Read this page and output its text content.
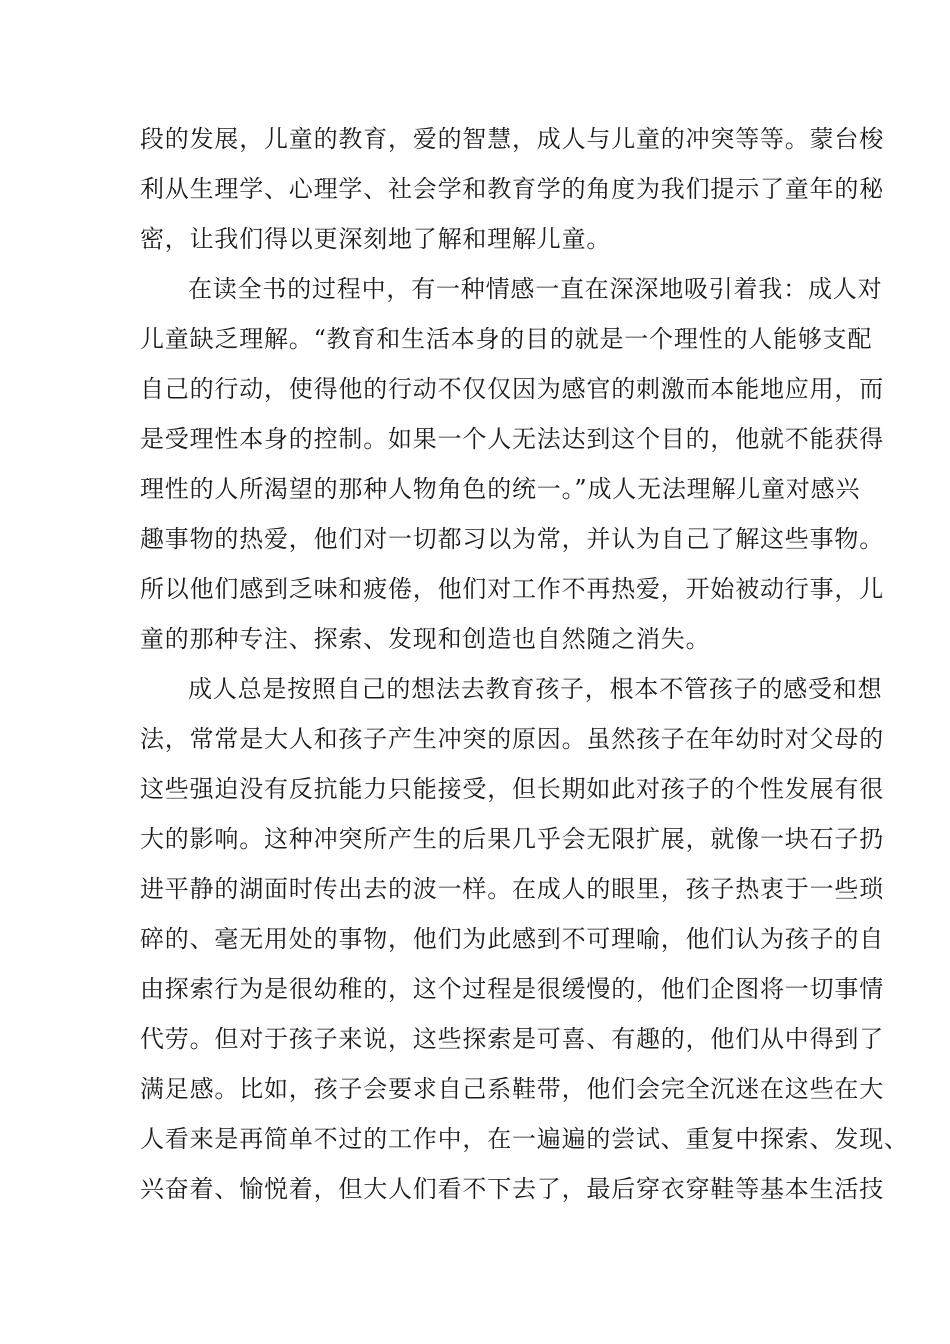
段的发展，儿童的教育，爱的智慧，成人与儿童的冲突等等。蒙台梭
利从生理学、心理学、社会学和教育学的角度为我们提示了童年的秘
密，让我们得以更深刻地了解和理解儿童。
在读全书的过程中，有一种情感一直在深深地吸引着我：成人对
儿童缺乏理解。“教育和生活本身的目的就是一个理性的人能够支配
自己的行动，使得他的行动不仅仅因为感官的刺激而本能地应用，而
是受理性本身的控制。如果一个人无法达到这个目的，他就不能获得
理性的人所渴望的那种人物角色的统一。”成人无法理解儿童对感兴
趣事物的热爱，他们对一切都习以为常，并认为自己了解这些事物。
所以他们感到乏味和疲倦，他们对工作不再热爱，开始被动行事，儿
童的那种专注、探索、发现和创造也自然随之消失。
成人总是按照自己的想法去教育孩子，根本不管孩子的感受和想
法，常常是大人和孩子产生冲突的原因。虽然孩子在年幼时对父母的
这些强迫没有反抗能力只能接受，但长期如此对孩子的个性发展有很
大的影响。这种冲突所产生的后果几乎会无限扩展，就像一块石子扔
进平静的湖面时传出去的波一样。在成人的眼里，孩子热衷于一些琐
碎的、毫无用处的事物，他们为此感到不可理喻，他们认为孩子的自
由探索行为是很幼稚的，这个过程是很缓慢的，他们企图将一切事情
代劳。但对于孩子来说，这些探索是可喜、有趣的，他们从中得到了
满足感。比如，孩子会要求自己系鞋带，他们会完全沉迷在这些在大
人看来是再简单不过的工作中，在一遍遍的尝试、重复中探索、发现、
兴奋着、愉悦着，但大人们看不下去了，最后穿衣穿鞋等基本生活技
